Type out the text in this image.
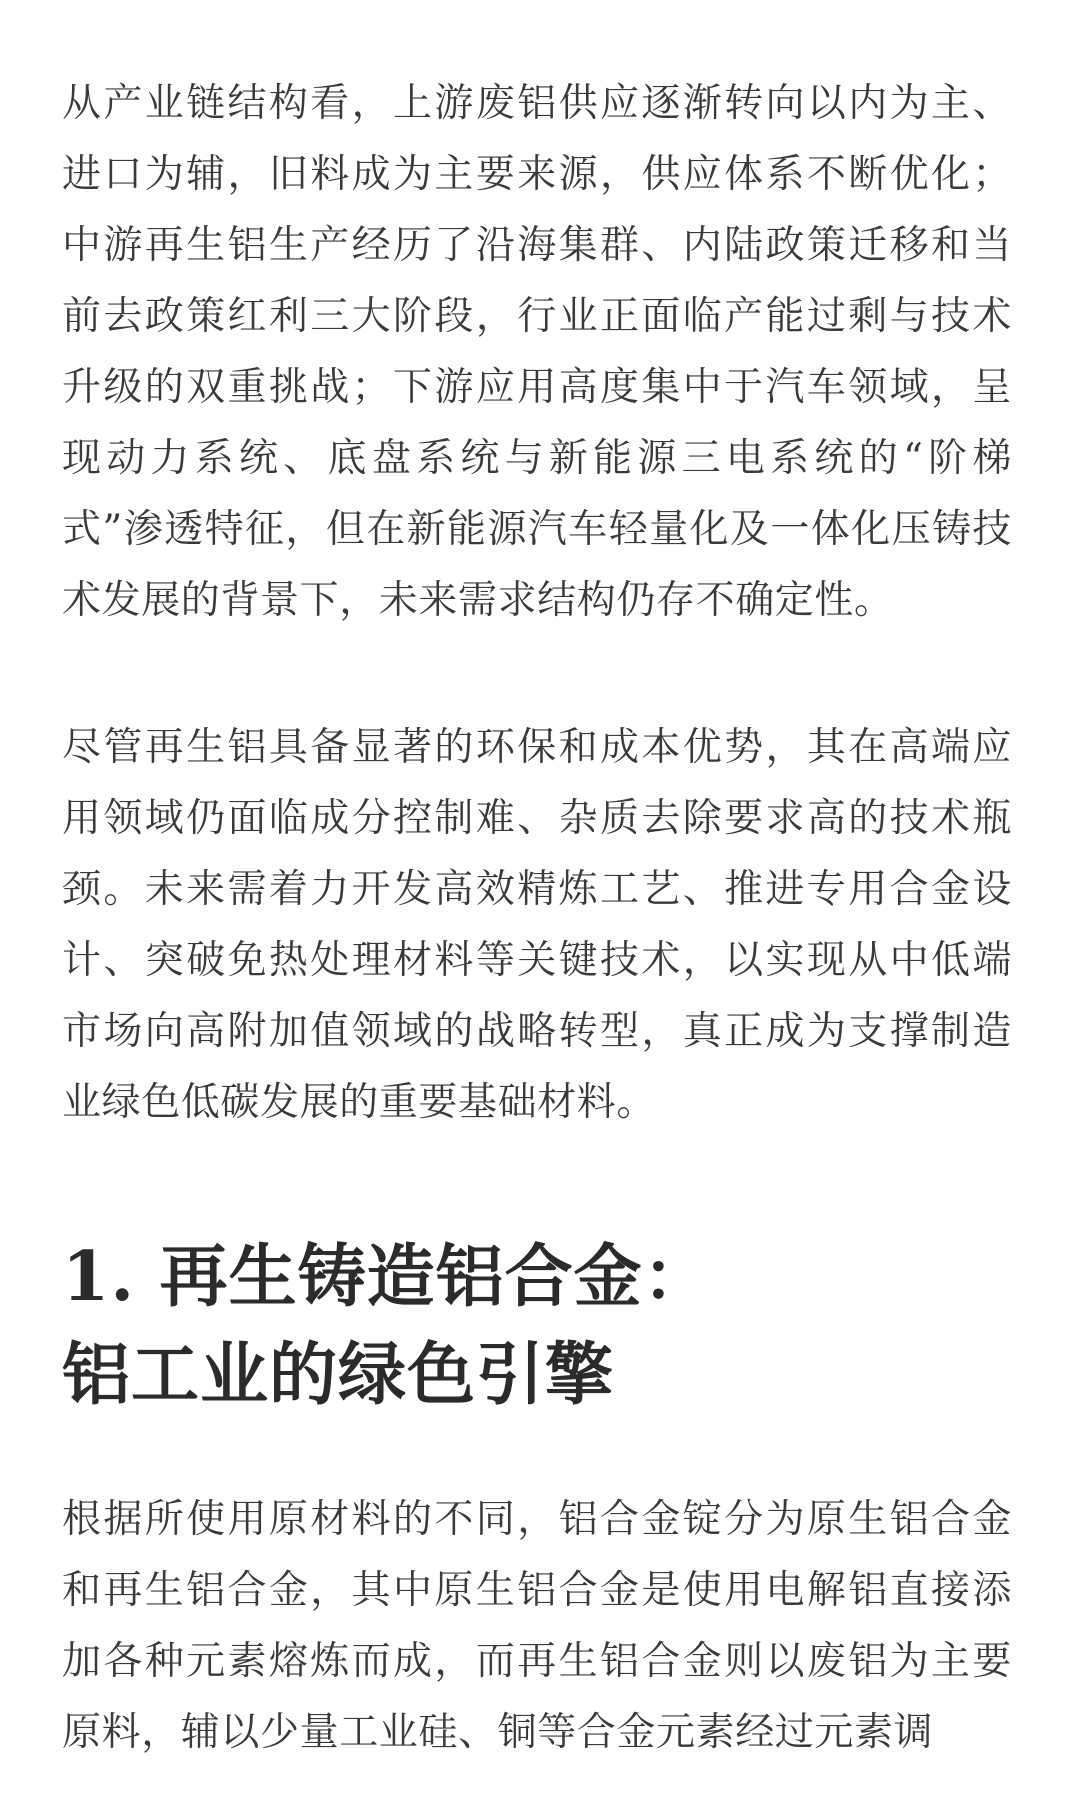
从产业链结构看，上游废铝供应逐渐转向以内为主、进口为辅，旧料成为主要来源，供应体系不断优化；中游再生铝生产经历了沿海集群、内陆政策迁移和当前去政策红利三大阶段，行业正面临产能过剩与技术升级的双重挑战；下游应用高度集中于汽车领域，呈现动力系统、底盘系统与新能源三电系统的“阶梯式”渗透特征，但在新能源汽车轻量化及一体化压铸技术发展的背景下，未来需求结构仍存不确定性。

尽管再生铝具备显著的环保和成本优势，其在高端应用领域仍面临成分控制难、杂质去除要求高的技术瓶颈。未来需着力开发高效精炼工艺、推进专用合金设计、突破免热处理材料等关键技术，以实现从中低端市场向高附加值领域的战略转型，真正成为支撑制造业绿色低碳发展的重要基础材料。

1. 再生铸造铝合金：
铝工业的绿色引擎

根据所使用原材料的不同，铝合金锭分为原生铝合金和再生铝合金，其中原生铝合金是使用电解铝直接添加各种元素熔炼而成，而再生铝合金则以废铝为主要原料，辅以少量工业硅、铜等合金元素经过元素调
